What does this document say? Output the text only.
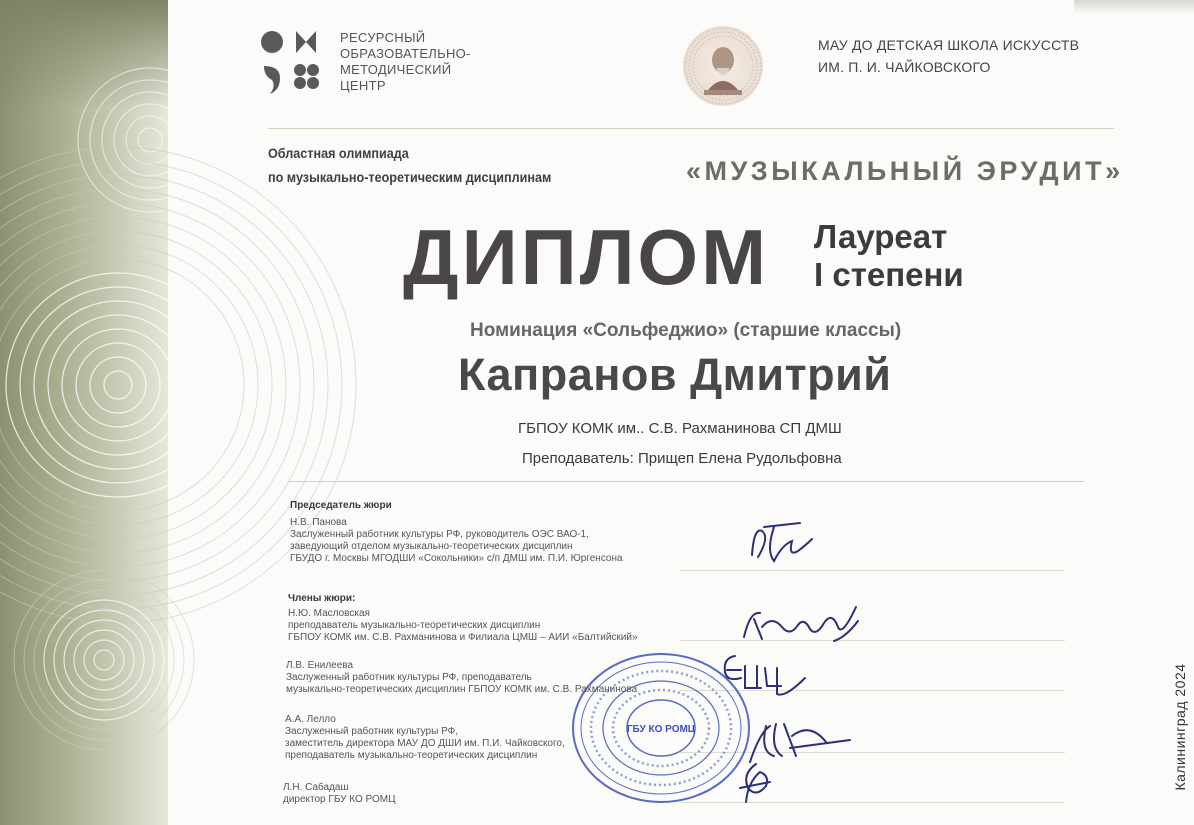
РЕСУРСНЫЙ
ОБРАЗОВАТЕЛЬНО-
МЕТОДИЧЕСКИЙ
ЦЕНТР
МАУ ДО ДЕТСКАЯ ШКОЛА ИСКУССТВ
ИМ. П. И. ЧАЙКОВСКОГО
Областная олимпиада
по музыкально-теоретическим дисциплинам	«МУЗЫКАЛЬНЫЙ ЭРУДИТ»
ДИПЛОМ Лауреат
I степени
Номинация «Сольфеджио» (старшие классы)
Капранов Дмитрий
ГБПОУ КОМК им.. С.В. Рахманинова СП ДМШ
Преподаватель: Прищеп Елена Рудольфовна
Председатель жюри
Н.В. Панова
Заслуженный работник культуры РФ, руководитель ОЭС ВАО-1,
заведующий отделом музыкально-теоретических дисциплин
ГБУДО г. Москвы МГОДШИ «Сокольники» с/п ДМШ им. П.И. Юргенсона
Члены жюри:
Н.Ю. Масловская
преподаватель музыкально-теоретических дисциплин
ГБПОУ КОМК им. С.В. Рахманинова и Филиала ЦМШ – АИИ «Балтийский»
Л.В. Енилеева
Заслуженный работник культуры РФ, преподаватель
музыкально-теоретических дисциплин ГБПОУ КОМК им. С.В. Рахманинова
А.А. Лелло
Заслуженный работник культуры РФ,
заместитель директора МАУ ДО ДШИ им. П.И. Чайковского,
преподаватель музыкально-теоретических дисциплин
Л.Н. Сабадаш
директор ГБУ КО РОМЦ
ГБУ КО РОМЦ	Калининград 2024
